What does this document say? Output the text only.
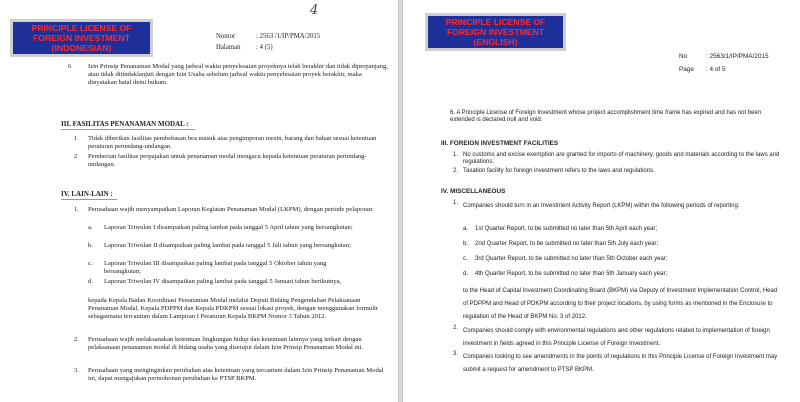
PRINCIPLE LICENSE OF FOREIGN INVESTMENT (INDONESIAN)
4
Nomor	: 2563 /1/IP/PMA/2015
Halaman	: 4 (5)
6	Izin Prinsip Penanaman Modal yang jadwal waktu penyelesaian proyeknya telah berakhir dan tidak diperpanjang, atau tidak ditindaklanjuti dengan Izin Usaha sebelum jadwal waktu penyelesaian proyek berakhir, maka dinyatakan batal demi hukum.
III. FASILITAS PENANAMAN MODAL :
1 Tidak diberikan fasilitas pembebasan bea masuk atas pengimporan mesin, barang dan bahan sesuai ketentuan peraturan perundang-undangan.
2 Pemberian fasilitas perpajakan untuk penanaman modal mengacu kepada ketentuan peraturan perundang-undangan.
IV. LAIN-LAIN :
1. Perusahaan wajib menyampaikan Laporan Kegiatan Penanaman Modal (LKPM), dengan periode pelaporan:
a. Laporan Triwulan I disampaikan paling lambat pada tanggal 5 April tahun yang bersangkutan;
b. Laporan Triwulan II disampaikan paling lambat pada tanggal 5 Juli tahun yang bersangkutan;
c. Laporan Triwulan III disampaikan paling lambat pada tanggal 5 Oktober tahun yang bersangkutan;
d. Laporan Triwulan IV disampaikan paling lambat pada tanggal 5 Januari tahun berikutnya,
kepada Kepala Badan Koordinasi Penanaman Modal melalui Deputi Bidang Pengendalian Pelaksanaan Penanaman Modal, Kepala PDPPM dan Kepala PDKPM sesuai lokasi proyek, dengan menggunakan formulir sebagaimana tercantum dalam Lampiran I Peraturan Kepala BKPM Nomor 3 Tahun 2012.
2. Perusahaan wajib melaksanakan ketentuan lingkungan hidup dan ketentuan lainnya yang terkait dengan pelaksanaan penanaman modal di bidang usaha yang disetujui dalam Izin Prinsip Penanaman Modal ini.
3. Perusahaan yang menginginkan perubahan atas ketentuan yang tercantum dalam Izin Prinsip Penanaman Modal ini, dapat mengajukan permohonan perubahan ke PTSP BKPM.
PRINCIPLE LICENSE OF FOREIGN INVESTMENT (ENGLISH)
No	: 2563/1/IP/PMA/2015
Page	: 4 of 5
6. A Principle License of Foreign Investment whose project accomplishment time frame has expired and has not been extended is declared null and void.
III. FOREIGN INVESTMENT FACILITIES
1. No customs and excise exemption are granted for imports of machinery, goods and materials according to the laws and regulations.
2. Taxation facility for foreign investment refers to the laws and regulations.
IV. MISCELLANEOUS
1. Companies should turn in an Investment Activity Report (LKPM) within the following periods of reporting:
a. 1st Quarter Report, to be submitted no later than 5th April each year;
b. 2nd Quarter Report, to be submitted no later than 5th July each year;
c. 3rd Quarter Report, to be submitted no later than 5th October each year;
d. 4th Quarter Report, to be submitted no later than 5th January each year;
to the Head of Capital Investment Coordinating Board (BKPM) via Deputy of Investment Implementation Control, Head of PDPPM and Head of PDKPM according to their project locations, by using forms as mentioned in the Enclosure to regulation of the Head of BKPM No. 3 of 2012.
2. Companies should comply with environmental regulations and other regulations related to implementation of foreign investment in fields agreed in this Principle License of Foreign Investment.
3. Companies looking to see amendments in the points of regulations in this Principle License of Foreign Investment may submit a request for amendment to PTSP BKPM.
